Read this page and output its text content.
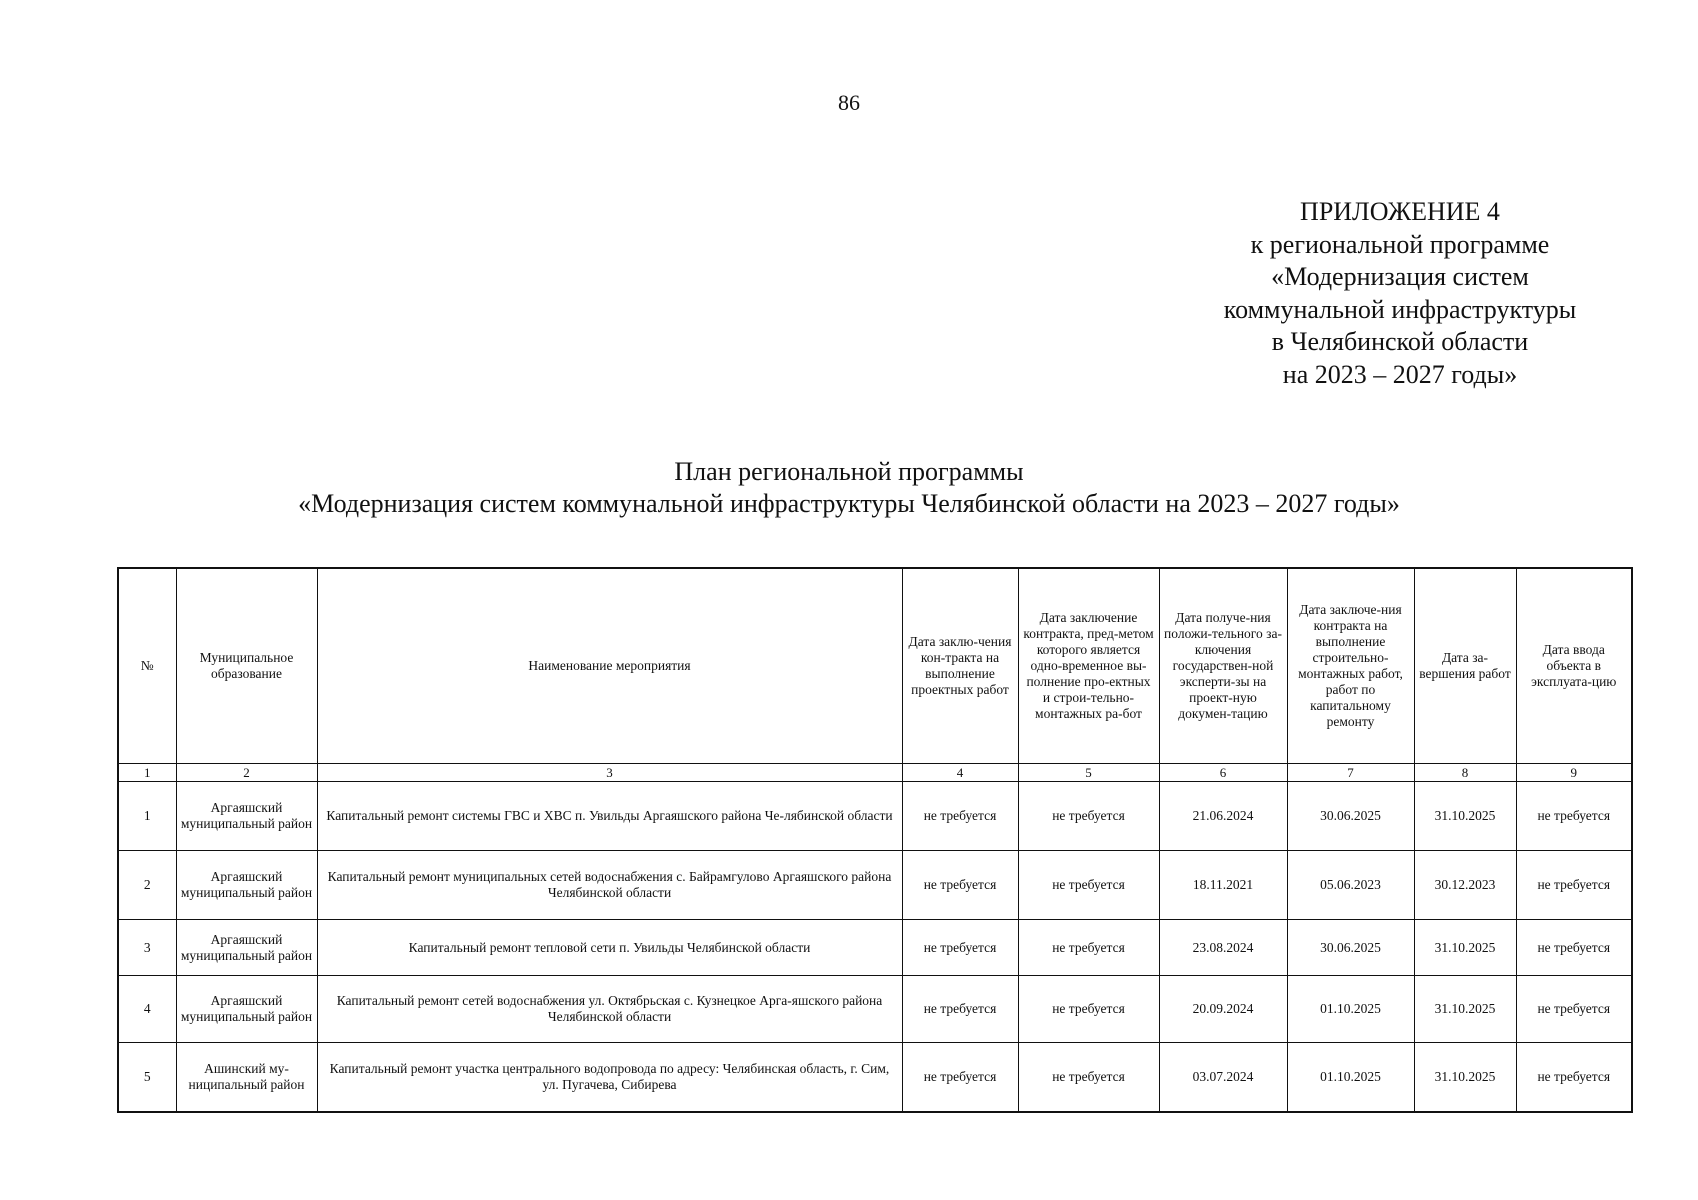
86
ПРИЛОЖЕНИЕ 4
к региональной программе
«Модернизация систем
коммунальной инфраструктуры
в Челябинской области
на 2023 – 2027 годы»
План региональной программы
«Модернизация систем коммунальной инфраструктуры Челябинской области на 2023 – 2027 годы»
№	Муниципальное образование	Наименование мероприятия	Дата заклю-чения кон-тракта на выполнение проектных работ	Дата заключение контракта, пред-метом которого является одно-временное вы-полнение про-ектных и строи-тельно-монтажных ра-бот	Дата получе-ния положи-тельного за-ключения государствен-ной эксперти-зы на проект-ную докумен-тацию	Дата заключе-ния контракта на выполнение строительно-монтажных работ, работ по капитальному ремонту	Дата за-вершения работ	Дата ввода объекта в эксплуата-цию
1	2	3	4	5	6	7	8	9
1	Аргаяшский муниципальный район	Капитальный ремонт системы ГВС и ХВС п. Увильды Аргаяшского района Че-лябинской области	не требуется	не требуется	21.06.2024	30.06.2025	31.10.2025	не требуется
2	Аргаяшский муниципальный район	Капитальный ремонт муниципальных сетей водоснабжения с. Байрамгулово Аргаяшского района Челябинской области	не требуется	не требуется	18.11.2021	05.06.2023	30.12.2023	не требуется
3	Аргаяшский муниципальный район	Капитальный ремонт тепловой сети п. Увильды Челябинской области	не требуется	не требуется	23.08.2024	30.06.2025	31.10.2025	не требуется
4	Аргаяшский муниципальный район	Капитальный ремонт сетей водоснабжения ул. Октябрьская с. Кузнецкое Арга-яшского района Челябинской области	не требуется	не требуется	20.09.2024	01.10.2025	31.10.2025	не требуется
5	Ашинский му-ниципальный район	Капитальный ремонт участка центрального водопровода по адресу: Челябинская область, г. Сим, ул. Пугачева, Сибирева	не требуется	не требуется	03.07.2024	01.10.2025	31.10.2025	не требуется
